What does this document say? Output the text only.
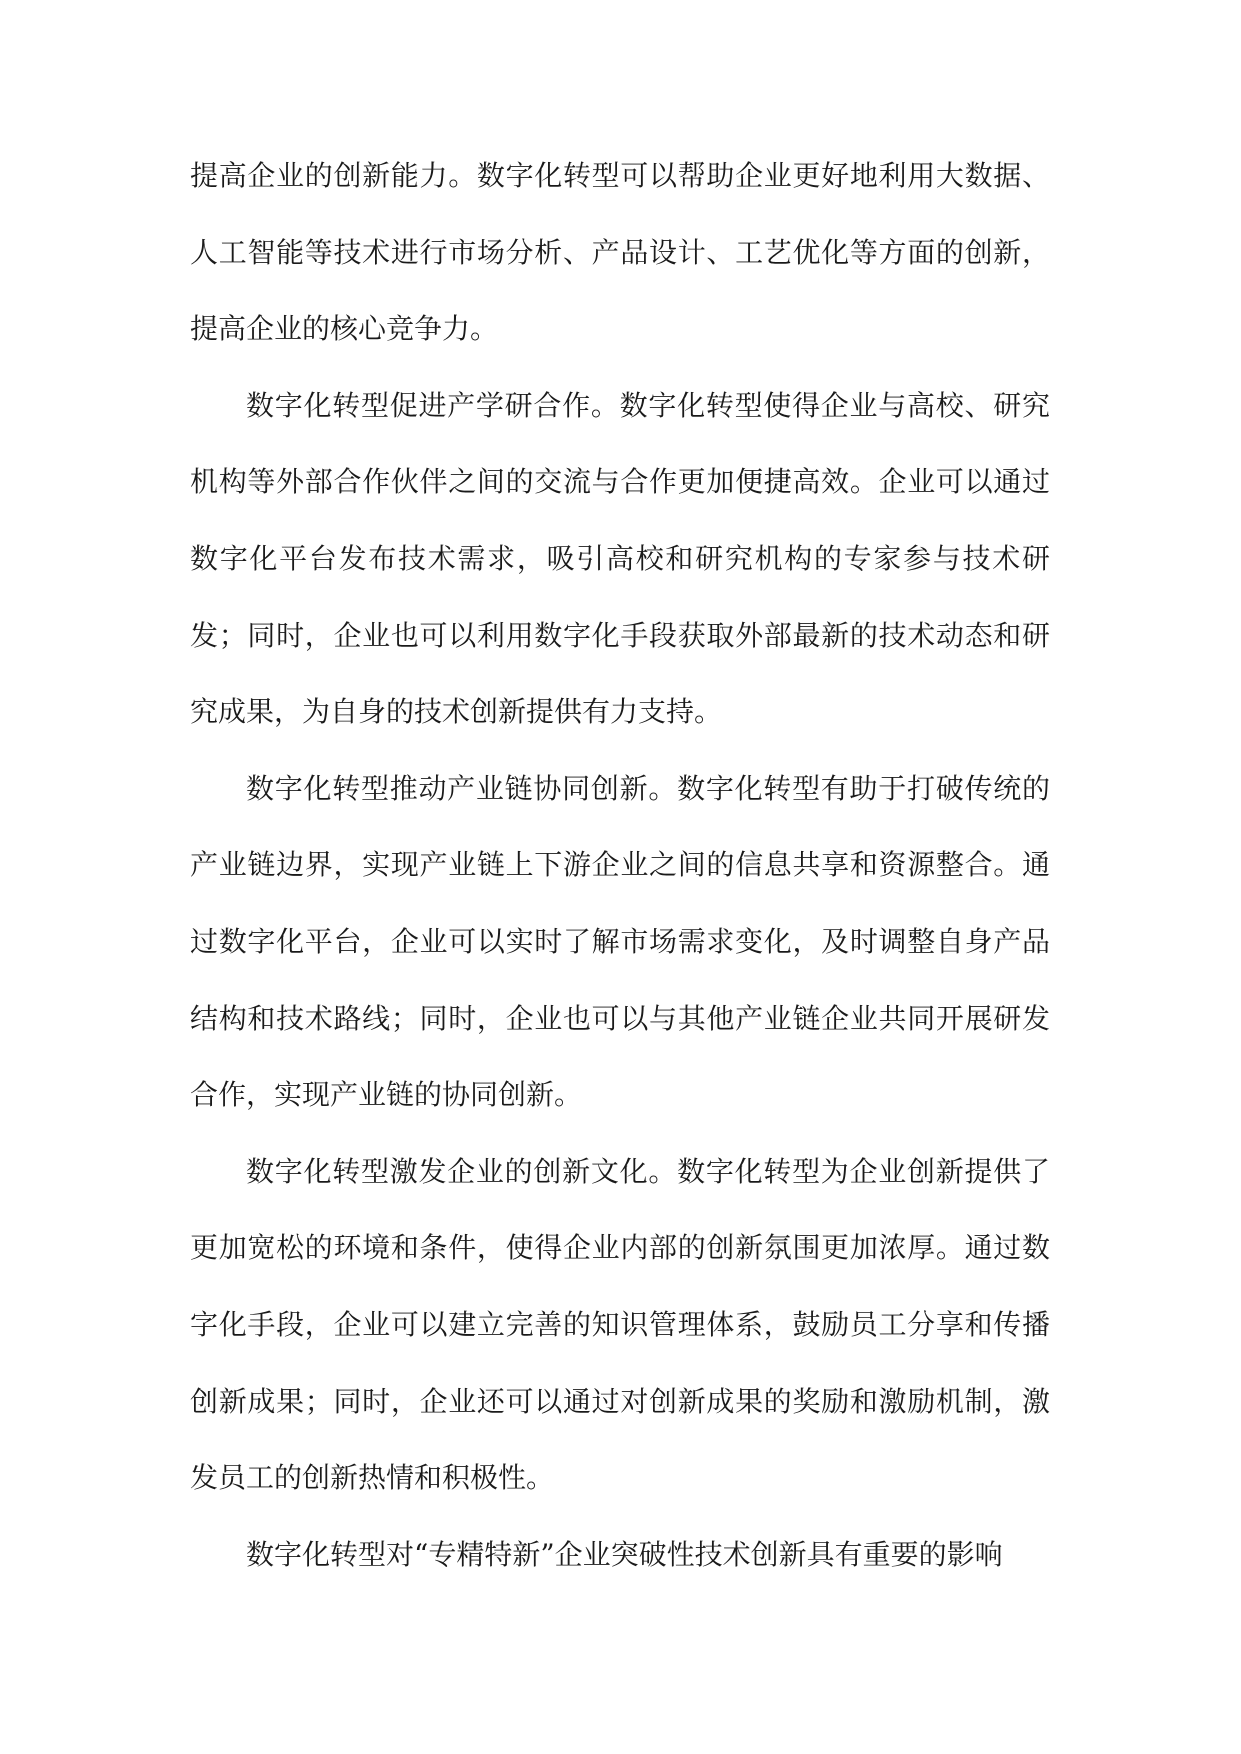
提高企业的创新能力。数字化转型可以帮助企业更好地利用大数据、人工智能等技术进行市场分析、产品设计、工艺优化等方面的创新，提高企业的核心竞争力。

数字化转型促进产学研合作。数字化转型使得企业与高校、研究机构等外部合作伙伴之间的交流与合作更加便捷高效。企业可以通过数字化平台发布技术需求，吸引高校和研究机构的专家参与技术研发；同时，企业也可以利用数字化手段获取外部最新的技术动态和研究成果，为自身的技术创新提供有力支持。

数字化转型推动产业链协同创新。数字化转型有助于打破传统的产业链边界，实现产业链上下游企业之间的信息共享和资源整合。通过数字化平台，企业可以实时了解市场需求变化，及时调整自身产品结构和技术路线；同时，企业也可以与其他产业链企业共同开展研发合作，实现产业链的协同创新。

数字化转型激发企业的创新文化。数字化转型为企业创新提供了更加宽松的环境和条件，使得企业内部的创新氛围更加浓厚。通过数字化手段，企业可以建立完善的知识管理体系，鼓励员工分享和传播创新成果；同时，企业还可以通过对创新成果的奖励和激励机制，激发员工的创新热情和积极性。

数字化转型对“专精特新”企业突破性技术创新具有重要的影响
